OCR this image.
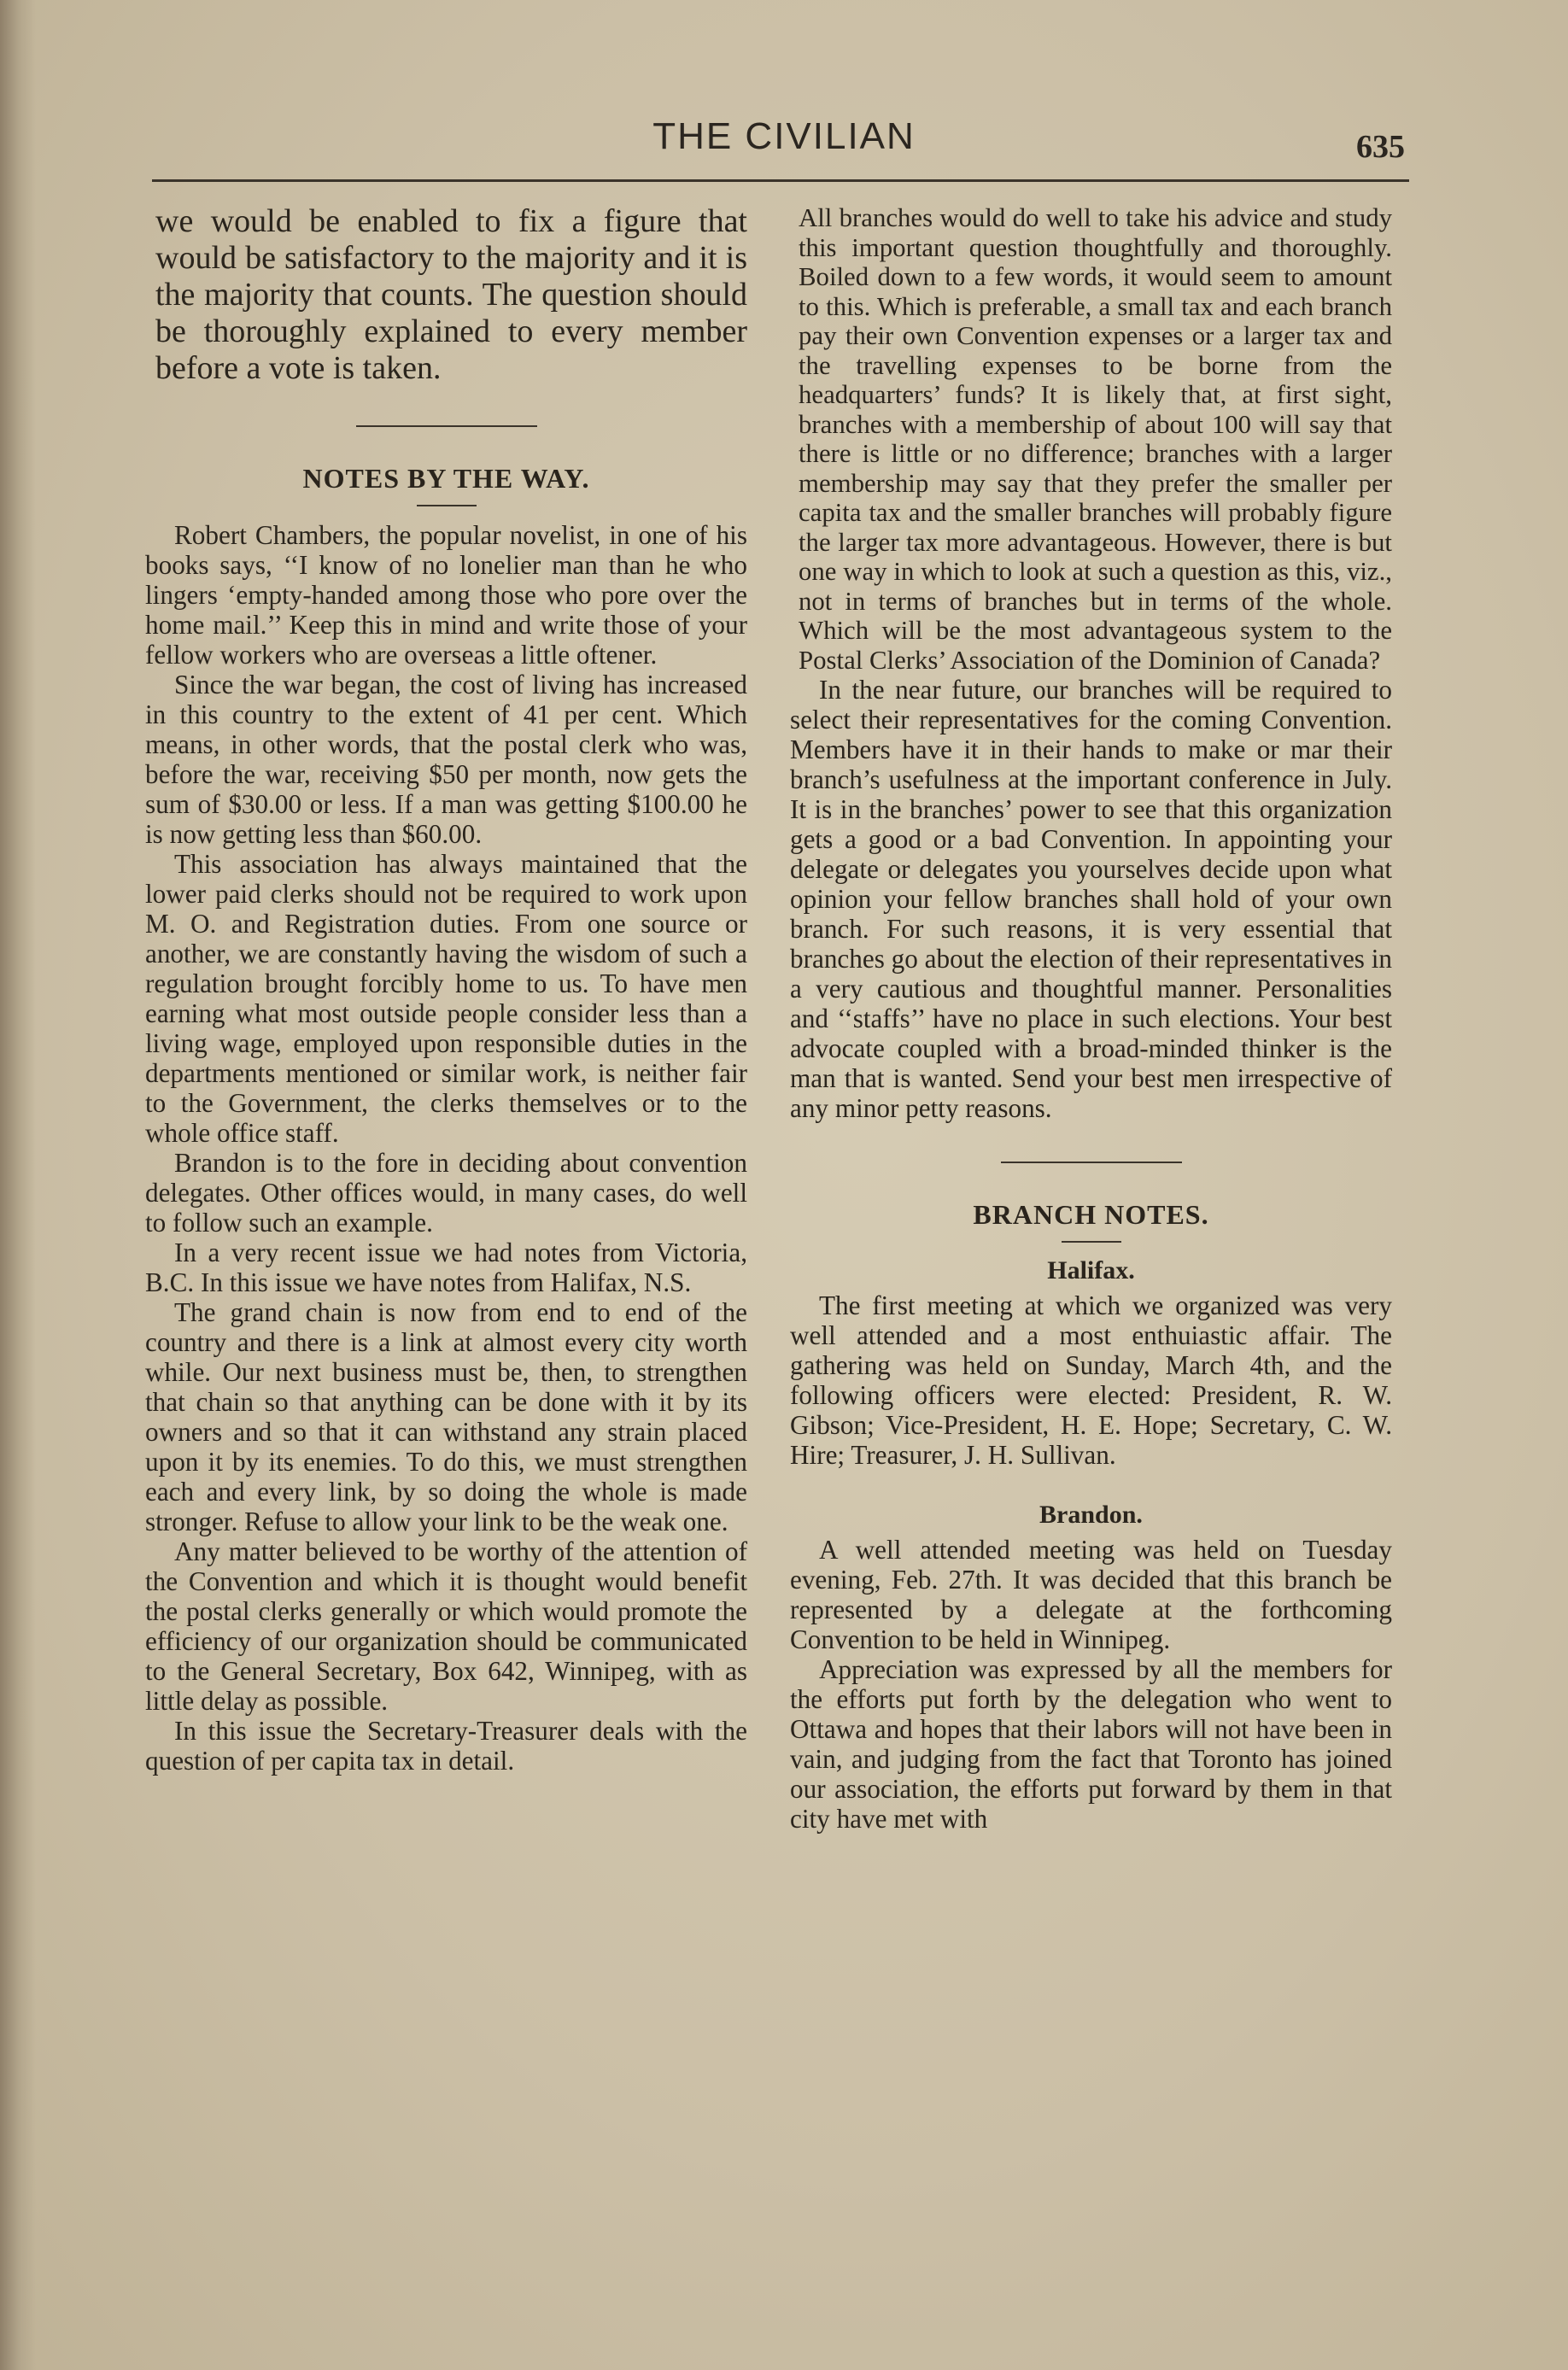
THE CIVILIAN	635

we would be enabled to fix a figure that would be satisfactory to the majority and it is the majority that counts. The question should be thoroughly explained to every member before a vote is taken.

NOTES BY THE WAY.

Robert Chambers, the popular novelist, in one of his books says, ‘‘I know of no lonelier man than he who lingers ‘empty-handed among those who pore over the home mail.’’ Keep this in mind and write those of your fellow workers who are overseas a little oftener.

Since the war began, the cost of living has increased in this country to the extent of 41 per cent. Which means, in other words, that the postal clerk who was, before the war, receiving $50 per month, now gets the sum of $30.00 or less. If a man was getting $100.00 he is now getting less than $60.00.

This association has always maintained that the lower paid clerks should not be required to work upon M. O. and Registration duties. From one source or another, we are constantly having the wisdom of such a regulation brought forcibly home to us. To have men earning what most outside people consider less than a living wage, employed upon responsible duties in the departments mentioned or similar work, is neither fair to the Government, the clerks themselves or to the whole office staff.

Brandon is to the fore in deciding about convention delegates. Other offices would, in many cases, do well to follow such an example.

In a very recent issue we had notes from Victoria, B.C. In this issue we have notes from Halifax, N.S.

The grand chain is now from end to end of the country and there is a link at almost every city worth while. Our next business must be, then, to strengthen that chain so that anything can be done with it by its owners and so that it can withstand any strain placed upon it by its enemies. To do this, we must strengthen each and every link, by so doing the whole is made stronger. Refuse to allow your link to be the weak one.

Any matter believed to be worthy of the attention of the Convention and which it is thought would benefit the postal clerks generally or which would promote the efficiency of our organization should be communicated to the General Secretary, Box 642, Winnipeg, with as little delay as possible.

In this issue the Secretary-Treasurer deals with the question of per capita tax in detail.

All branches would do well to take his advice and study this important question thoughtfully and thoroughly. Boiled down to a few words, it would seem to amount to this. Which is preferable, a small tax and each branch pay their own Convention expenses or a larger tax and the travelling expenses to be borne from the headquarters’ funds? It is likely that, at first sight, branches with a membership of about 100 will say that there is little or no difference; branches with a larger membership may say that they prefer the smaller per capita tax and the smaller branches will probably figure the larger tax more advantageous. However, there is but one way in which to look at such a question as this, viz., not in terms of branches but in terms of the whole. Which will be the most advantageous system to the Postal Clerks’ Association of the Dominion of Canada?

In the near future, our branches will be required to select their representatives for the coming Convention. Members have it in their hands to make or mar their branch’s usefulness at the important conference in July. It is in the branches’ power to see that this organization gets a good or a bad Convention. In appointing your delegate or delegates you yourselves decide upon what opinion your fellow branches shall hold of your own branch. For such reasons, it is very essential that branches go about the election of their representatives in a very cautious and thoughtful manner. Personalities and ‘‘staffs’’ have no place in such elections. Your best advocate coupled with a broad-minded thinker is the man that is wanted. Send your best men irrespective of any minor petty reasons.

BRANCH NOTES.
Halifax.

The first meeting at which we organized was very well attended and a most enthuiastic affair. The gathering was held on Sunday, March 4th, and the following officers were elected: President, R. W. Gibson; Vice-President, H. E. Hope; Secretary, C. W. Hire; Treasurer, J. H. Sullivan.

Brandon.

A well attended meeting was held on Tuesday evening, Feb. 27th. It was decided that this branch be represented by a delegate at the forthcoming Convention to be held in Winnipeg.

Appreciation was expressed by all the members for the efforts put forth by the delegation who went to Ottawa and hopes that their labors will not have been in vain, and judging from the fact that Toronto has joined our association, the efforts put forward by them in that city have met with
